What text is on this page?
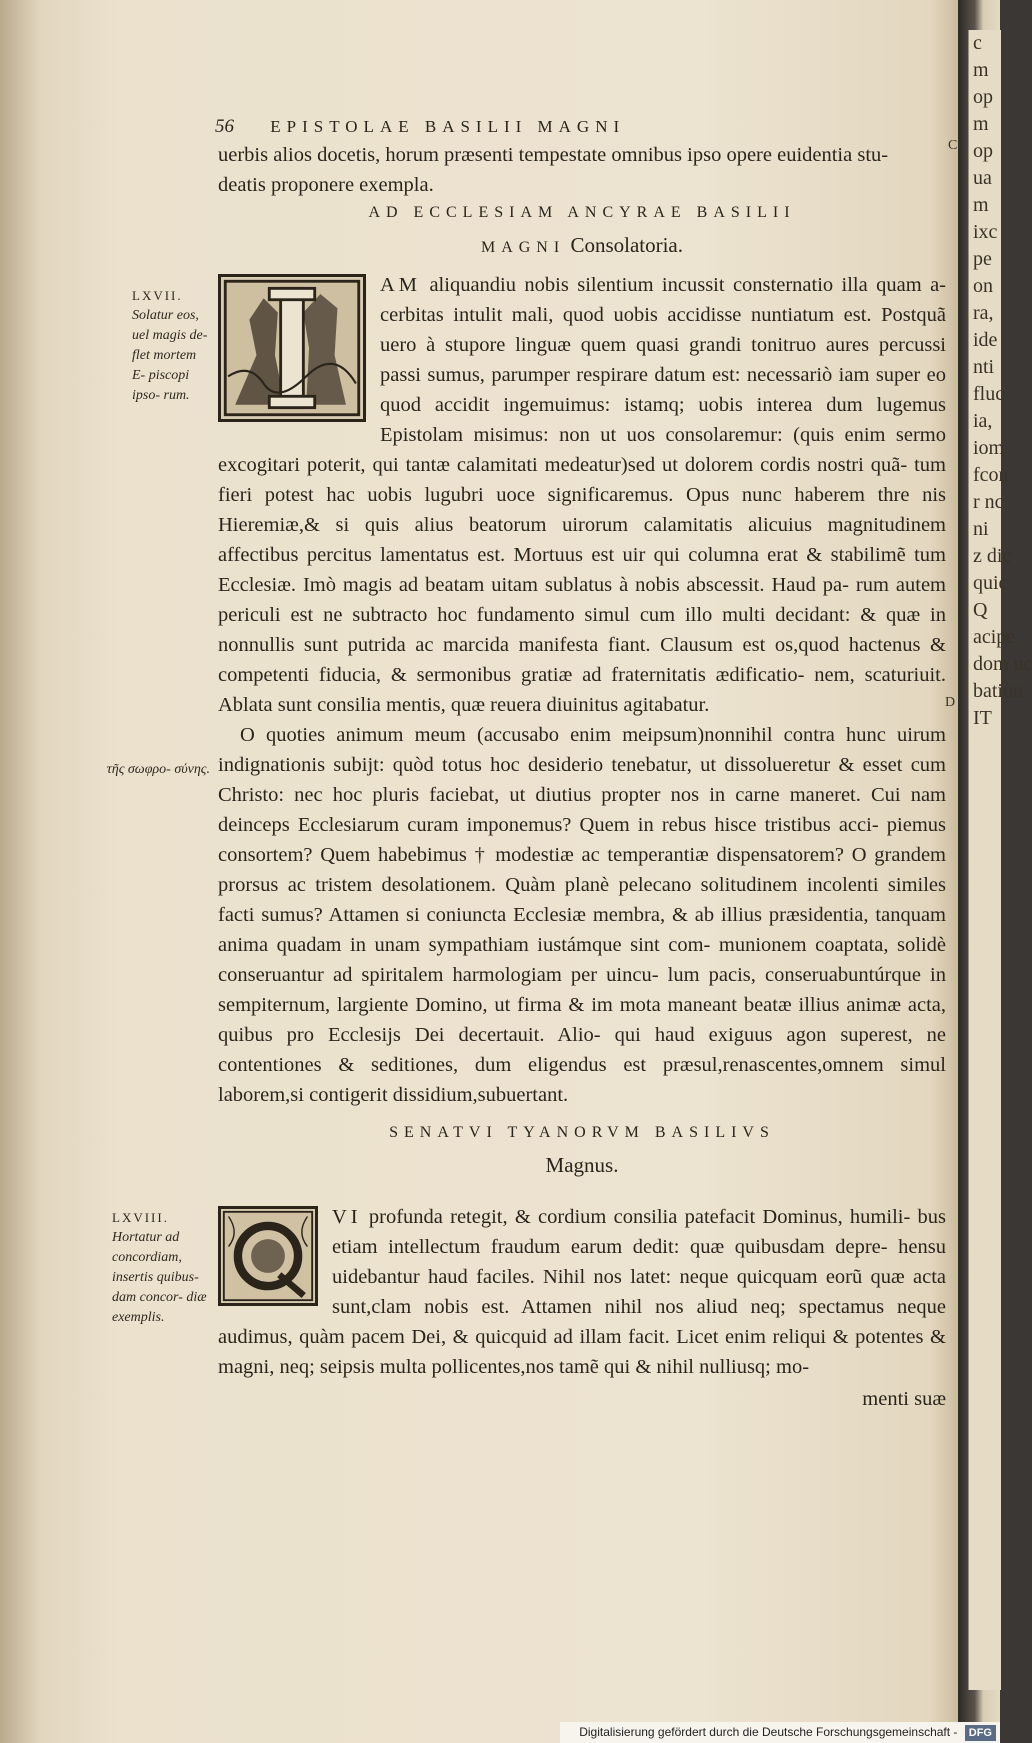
56 EPISTOLAE BASILII MAGNI

uerbis alios docetis, horum præsenti tempestate omnibus ipso opere euidentia stu-

deatis proponere exempla.

AD ECCLESIAM ANCYRAE BASILII
MAGNI Consolatoria.
LXVII.
Solatur eos, uel magis de- flet mortem E- piscopi ipso- rum.

AM aliquandiu nobis silentium incussit consternatio illa quam a- cerbitas intulit mali, quod uobis accidisse nuntiatum est. Postquã uero à stupore linguæ quem quasi grandi tonitruo aures percussi passi sumus, parumper respirare datum est: necessariò iam super eo quod accidit ingemuimus: istamq; uobis interea dum lugemus Epistolam misimus: non ut uos consolaremur: (quis enim sermo excogitari poterit, qui tantæ calamitati medeatur)sed ut dolorem cordis nostri quã- tum fieri potest hac uobis lugubri uoce significaremus. Opus nunc haberem thre nis Hieremiæ,& si quis alius beatorum uirorum calamitatis alicuius magnitudinem affectibus percitus lamentatus est. Mortuus est uir qui columna erat & stabilimẽ tum Ecclesiæ. Imò magis ad beatam uitam sublatus à nobis abscessit. Haud pa- rum autem periculi est ne subtracto hoc fundamento simul cum illo multi decidant: & quæ in nonnullis sunt putrida ac marcida manifesta fiant. Clausum est os,quod hactenus & competenti fiducia, & sermonibus gratiæ ad fraternitatis ædificatio- nem, scaturiuit. Ablata sunt consilia mentis, quæ reuera diuinitus agitabatur.

O quoties animum meum (accusabo enim meipsum)nonnihil contra hunc uirum indignationis subijt: quòd totus hoc desiderio tenebatur, ut dissolueretur & esset cum Christo: nec hoc pluris faciebat, ut diutius propter nos in carne maneret. Cui nam deinceps Ecclesiarum curam imponemus? Quem in rebus hisce tristibus acci- piemus consortem? Quem habebimus † modestiæ ac temperantiæ dispensatorem? O grandem prorsus ac tristem desolationem. Quàm planè pelecano solitudinem incolenti similes facti sumus? Attamen si coniuncta Ecclesiæ membra, & ab illius præsidentia, tanquam anima quadam in unam sympathiam iustámque sint com- munionem coaptata, solidè conseruantur ad spiritalem harmologiam per uincu- lum pacis, conseruabuntúrque in sempiternum, largiente Domino, ut firma & im mota maneant beatæ illius animæ acta, quibus pro Ecclesijs Dei decertauit. Alio- qui haud exiguus agon superest, ne contentiones & seditiones, dum eligendus est præsul,renascentes,omnem simul laborem,si contigerit dissidium,subuertant.

τῆς σωφρο- σύνης.
C
D
SENATVI TYANORVM BASILIVS
Magnus.
LXVIII.
Hortatur ad concordiam, insertis quibus- dam concor- diæ exemplis.

VI profunda retegit, & cordium consilia patefacit Dominus, humili- bus etiam intellectum fraudum earum dedit: quæ quibusdam depre- hensu uidebantur haud faciles. Nihil nos latet: neque quicquam eorũ quæ acta sunt,clam nobis est. Attamen nihil nos aliud neq; spectamus neque audimus, quàm pacem Dei, & quicquid ad illam facit. Licet enim reliqui & potentes & magni, neq; seipsis multa pollicentes,nos tamẽ qui & nihil nulliusq; mo-

menti suæ

c
m
op
m
op
ua
m
ixc
pe
on
ra,
ide
nti
fluc
ia,
iom
fcon
r nc
ni
z dic
quic
Q
acipe
dom nc
bation
IT
Digitalisierung gefördert durch die Deutsche Forschungsgemeinschaft - DFG
